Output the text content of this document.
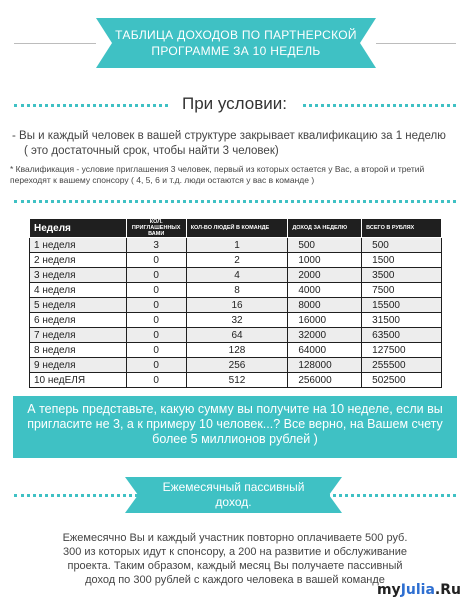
ТАБЛИЦА ДОХОДОВ ПО ПАРТНЕРСКОЙ
ПРОГРАММЕ ЗА 10 НЕДЕЛЬ
При условии:
- Вы и каждый человек в вашей структуре закрывает квалификацию за 1 неделю
( это достаточный срок, чтобы найти 3 человек)
* Квалификация - условие приглашения 3 человек, первый из которых остается у Вас, а второй и третий
переходят к вашему спонсору ( 4, 5, 6 и т.д. люди остаются у вас в команде )
Неделя	КОЛ. ПРИГЛАШЕННЫХ ВАМИ	КОЛ-ВО ЛЮДЕЙ В КОМАНДЕ	ДОХОД ЗА НЕДЕЛЮ	ВСЕГО В РУБЛЯХ
1 неделя	3	1	500	500
2 неделя	0	2	1000	1500
3 неделя	0	4	2000	3500
4 неделя	0	8	4000	7500
5 неделя	0	16	8000	15500
6 неделя	0	32	16000	31500
7 неделя	0	64	32000	63500
8 неделя	0	128	64000	127500
9 неделя	0	256	128000	255500
10 недЕЛЯ	0	512	256000	502500
А теперь представьте, какую сумму вы получите на 10 неделе, если вы
пригласите не 3, а к примеру 10 человек...? Все верно, на Вашем счету
более 5 миллионов рублей )
Ежемесячный пассивный
доход.
Ежемесячно Вы и каждый участник повторно оплачиваете 500 руб.
300 из которых идут к спонсору, а 200 на развитие и обслуживание
проекта. Таким образом, каждый месяц Вы получаете пассивный
доход по 300 рублей с каждого человека в вашей команде
myJulia.Ru
